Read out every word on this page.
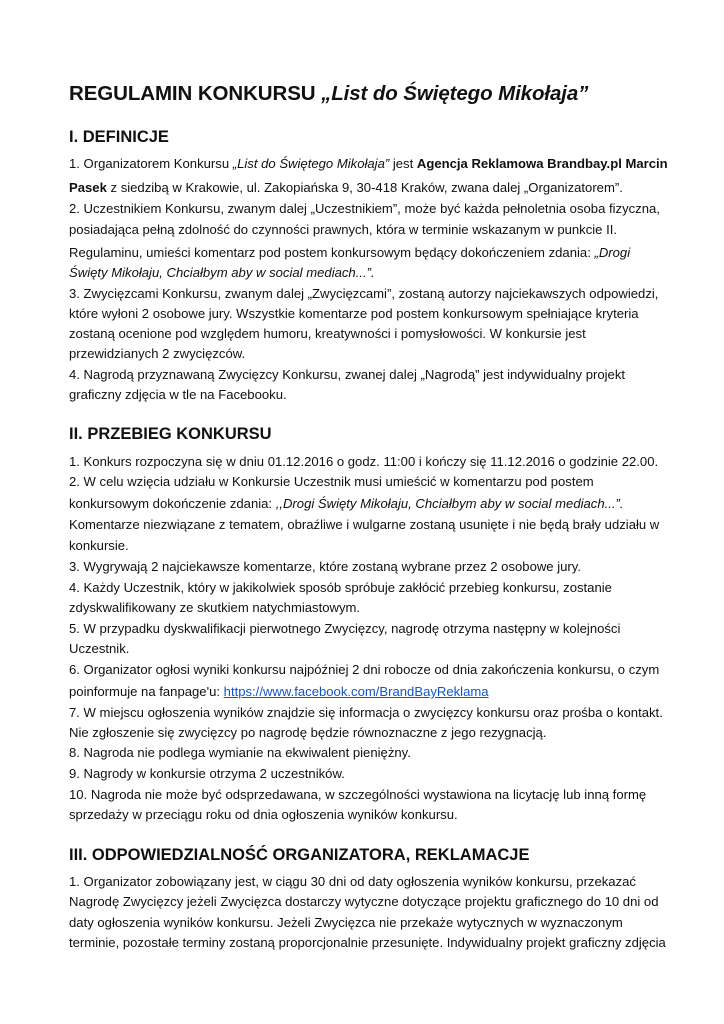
REGULAMIN KONKURSU „List do Świętego Mikołaja”
I. DEFINICJE
1. Organizatorem Konkursu „List do Świętego Mikołaja” jest Agencja Reklamowa Brandbay.pl Marcin
Pasek z siedzibą w Krakowie, ul. Zakopiańska 9, 30-418 Kraków, zwana dalej „Organizatorem”.
2. Uczestnikiem Konkursu, zwanym dalej „Uczestnikiem”, może być każda pełnoletnia osoba fizyczna,
posiadająca pełną zdolność do czynności prawnych, która w terminie wskazanym w punkcie II.
Regulaminu, umieści komentarz pod postem konkursowym będący dokończeniem zdania: „Drogi
Święty Mikołaju, Chciałbym aby w social mediach...”.
3. Zwycięzcami Konkursu, zwanym dalej „Zwycięzcami”, zostaną autorzy najciekawszych odpowiedzi,
które wyłoni 2 osobowe jury. Wszystkie komentarze pod postem konkursowym spełniające kryteria
zostaną ocenione pod względem humoru, kreatywności i pomysłowości. W konkursie jest
przewidzianych 2 zwycięzców.
4. Nagrodą przyznawaną Zwycięzcy Konkursu, zwanej dalej „Nagrodą” jest indywidualny projekt
graficzny zdjęcia w tle na Facebooku.
II. PRZEBIEG KONKURSU
1. Konkurs rozpoczyna się w dniu 01.12.2016 o godz. 11:00 i kończy się 11.12.2016 o godzinie 22.00.
2. W celu wzięcia udziału w Konkursie Uczestnik musi umieścić w komentarzu pod postem
konkursowym dokończenie zdania: ,,Drogi Święty Mikołaju, Chciałbym aby w social mediach...”.
Komentarze niezwiązane z tematem, obraźliwe i wulgarne zostaną usunięte i nie będą brały udziału w
konkursie.
3. Wygrywają 2 najciekawsze komentarze, które zostaną wybrane przez 2 osobowe jury.
4. Każdy Uczestnik, który w jakikolwiek sposób spróbuje zakłócić przebieg konkursu, zostanie
zdyskwalifikowany ze skutkiem natychmiastowym.
5. W przypadku dyskwalifikacji pierwotnego Zwycięzcy, nagrodę otrzyma następny w kolejności
Uczestnik.
6. Organizator ogłosi wyniki konkursu najpóźniej 2 dni robocze od dnia zakończenia konkursu, o czym
poinformuje na fanpage'u: https://www.facebook.com/BrandBayReklama
7. W miejscu ogłoszenia wyników znajdzie się informacja o zwycięzcy konkursu oraz prośba o kontakt.
Nie zgłoszenie się zwycięzcy po nagrodę będzie równoznaczne z jego rezygnacją.
8. Nagroda nie podlega wymianie na ekwiwalent pieniężny.
9. Nagrody w konkursie otrzyma 2 uczestników.
10. Nagroda nie może być odsprzedawana, w szczególności wystawiona na licytację lub inną formę
sprzedaży w przeciągu roku od dnia ogłoszenia wyników konkursu.
III. ODPOWIEDZIALNOŚĆ ORGANIZATORA, REKLAMACJE
1. Organizator zobowiązany jest, w ciągu 30 dni od daty ogłoszenia wyników konkursu, przekazać
Nagrodę Zwycięzcy jeżeli Zwycięzca dostarczy wytyczne dotyczące projektu graficznego do 10 dni od
daty ogłoszenia wyników konkursu. Jeżeli Zwycięzca nie przekaże wytycznych w wyznaczonym
terminie, pozostałe terminy zostaną proporcjonalnie przesunięte. Indywidualny projekt graficzny zdjęcia
